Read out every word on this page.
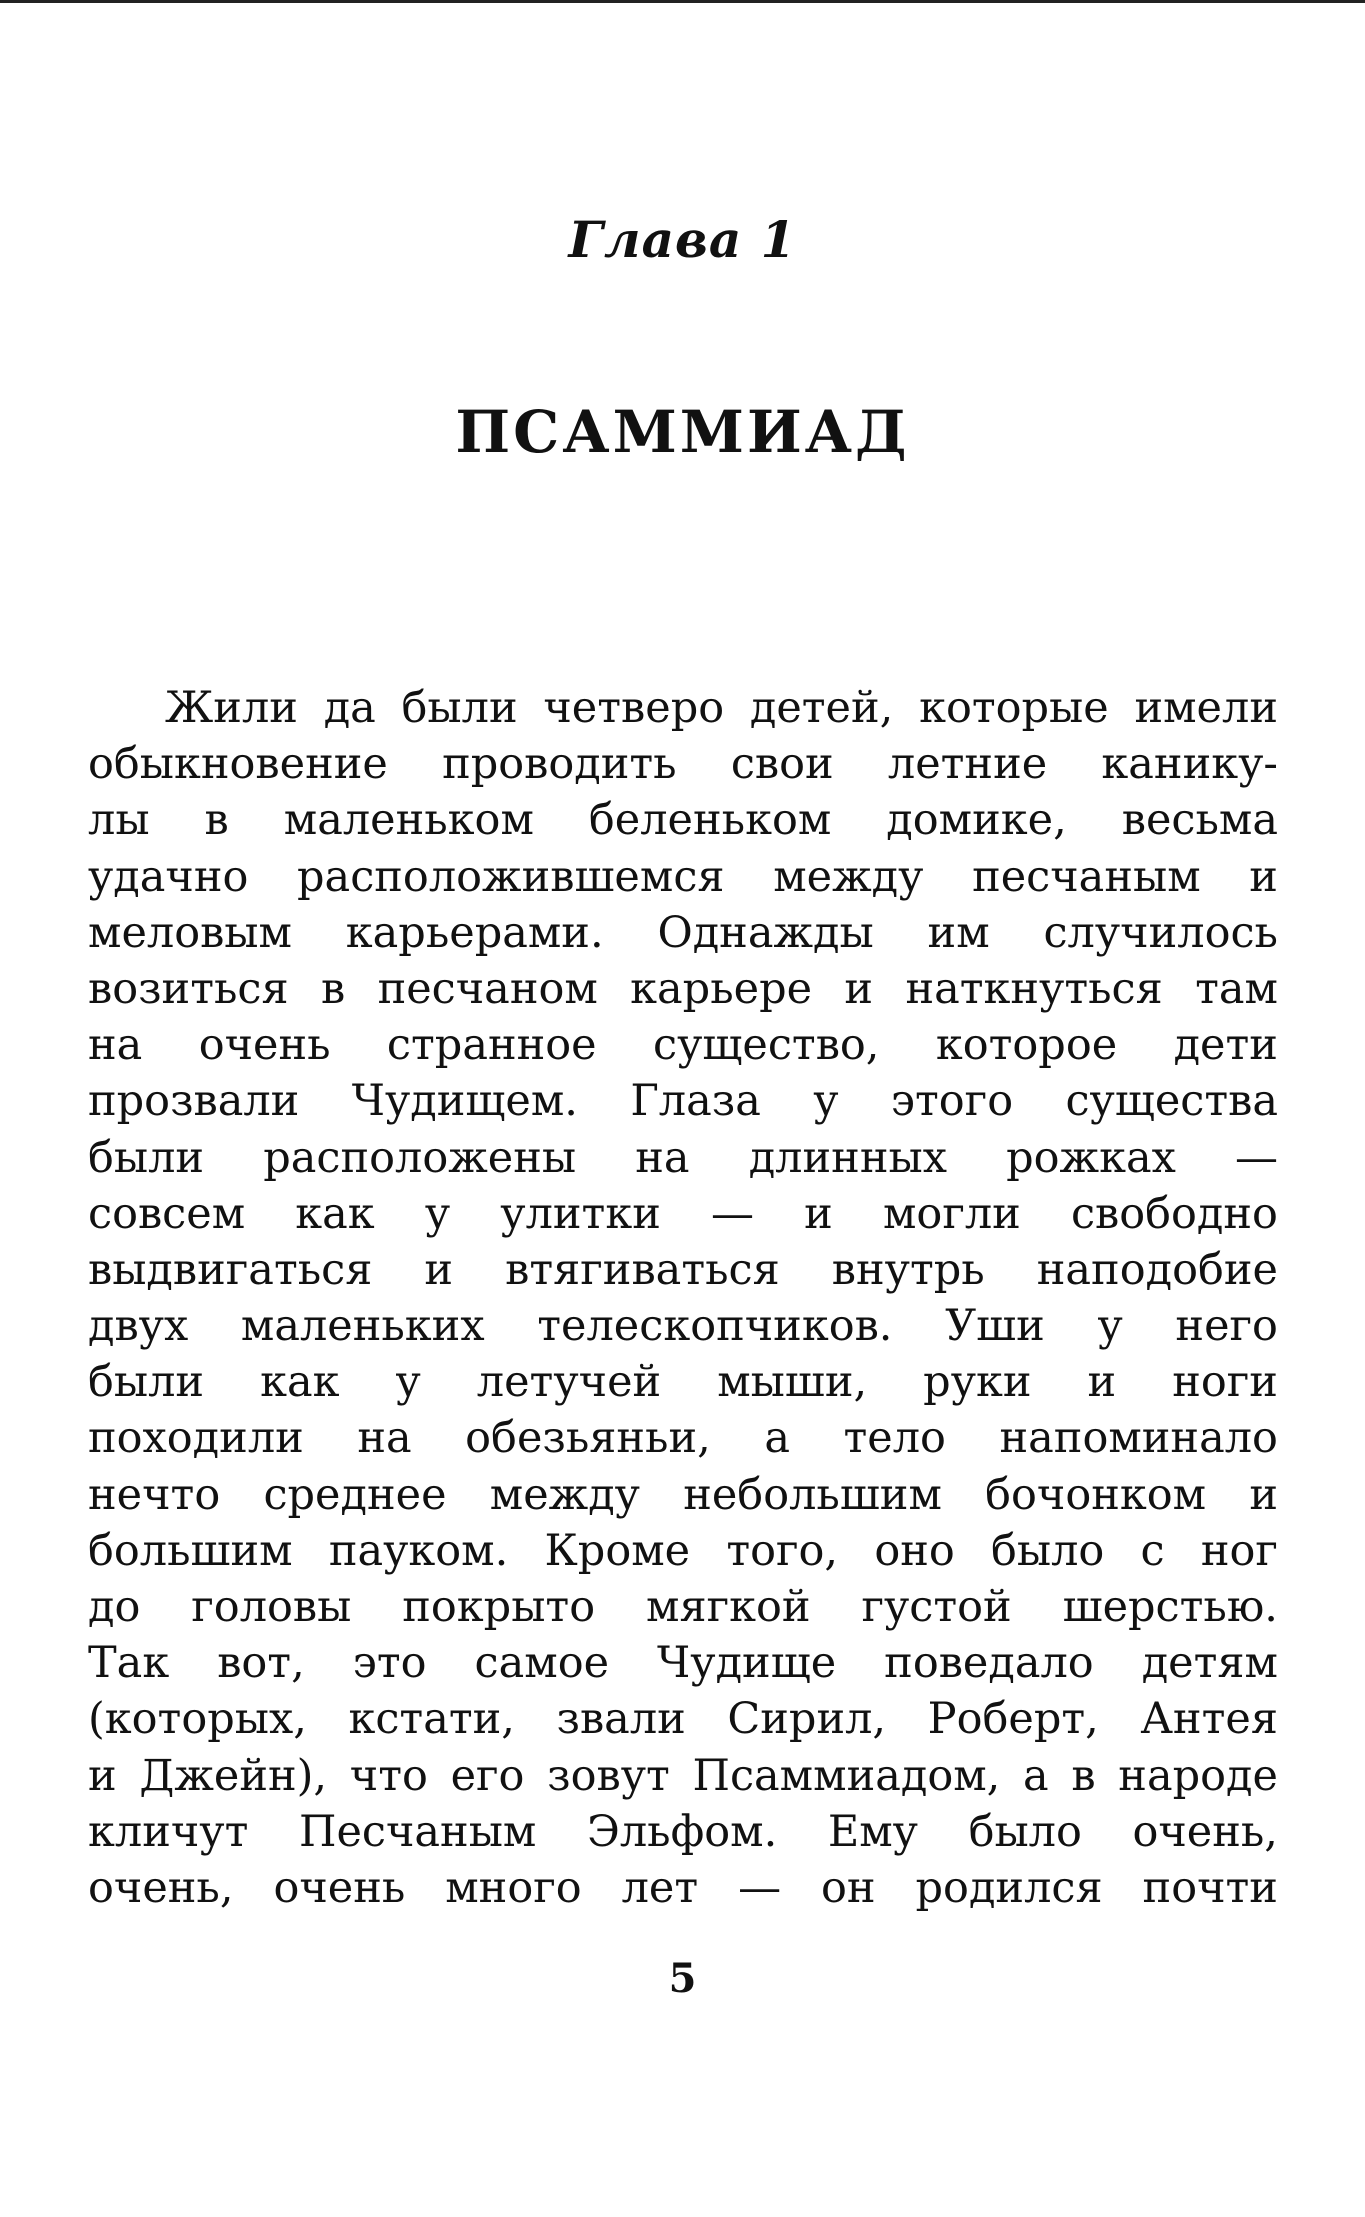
Глава 1
ПСАММИАД
Жили да были четверо детей, которые имели
обыкновение проводить свои летние канику-
лы в маленьком беленьком домике, весьма
удачно расположившемся между песчаным и
меловым карьерами. Однажды им случилось
возиться в песчаном карьере и наткнуться там
на очень странное существо, которое дети
прозвали Чудищем. Глаза у этого существа
были расположены на длинных рожках —
совсем как у улитки — и могли свободно
выдвигаться и втягиваться внутрь наподобие
двух маленьких телескопчиков. Уши у него
были как у летучей мыши, руки и ноги
походили на обезьяньи, а тело напоминало
нечто среднее между небольшим бочонком и
большим пауком. Кроме того, оно было с ног
до головы покрыто мягкой густой шерстью.
Так вот, это самое Чудище поведало детям
(которых, кстати, звали Сирил, Роберт, Антея
и Джейн), что его зовут Псаммиадом, а в народе
кличут Песчаным Эльфом. Ему было очень,
очень, очень много лет — он родился почти
5
